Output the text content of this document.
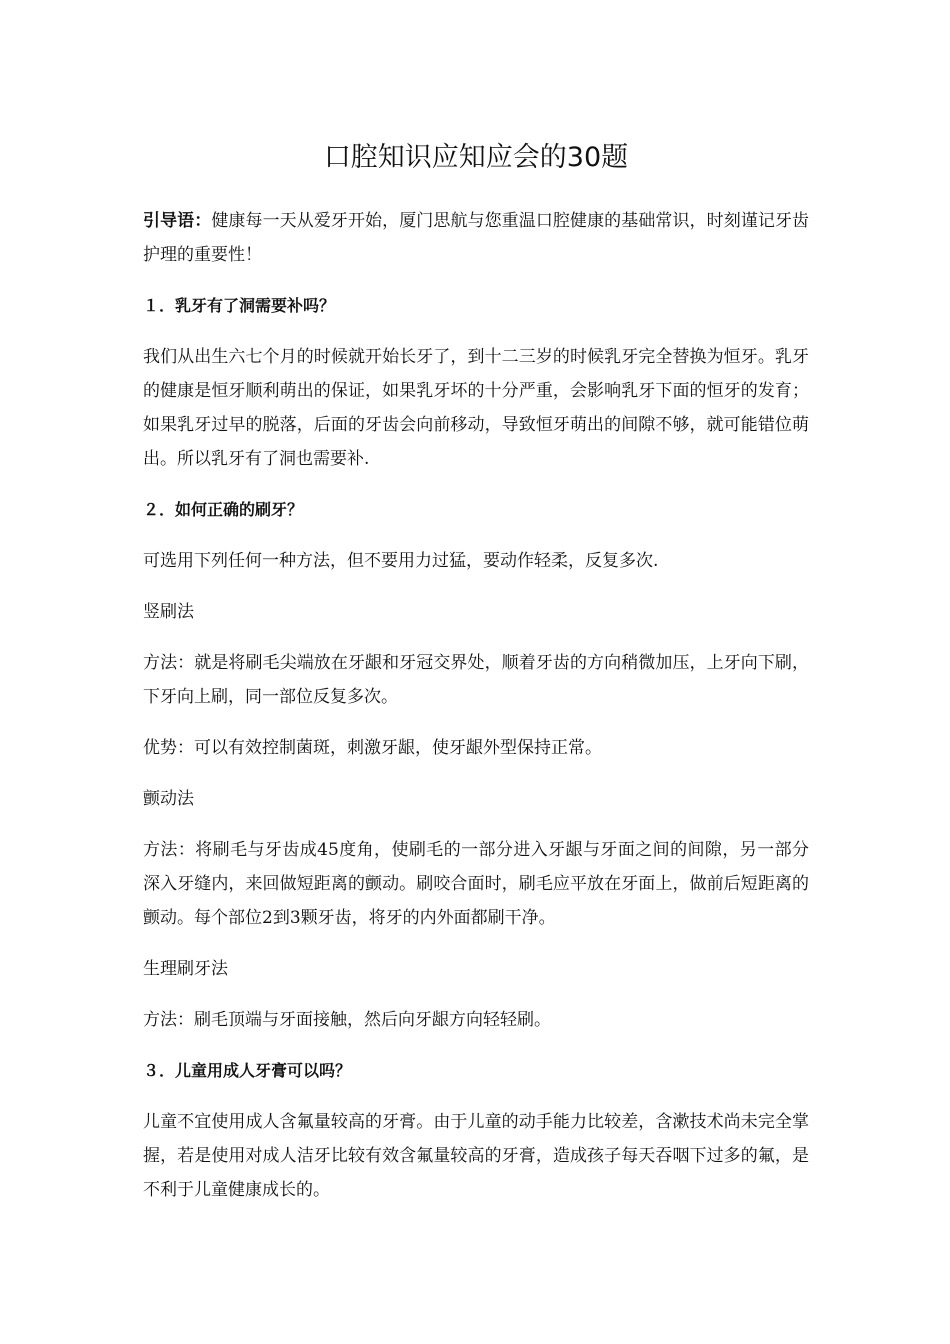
口腔知识应知应会的30题

引导语：健康每一天从爱牙开始，厦门思航与您重温口腔健康的基础常识，时刻谨记牙齿护理的重要性！

１．乳牙有了洞需要补吗？

我们从出生六七个月的时候就开始长牙了，到十二三岁的时候乳牙完全替换为恒牙。乳牙的健康是恒牙顺利萌出的保证，如果乳牙坏的十分严重，会影响乳牙下面的恒牙的发育；如果乳牙过早的脱落，后面的牙齿会向前移动，导致恒牙萌出的间隙不够，就可能错位萌出。所以乳牙有了洞也需要补.

２．如何正确的刷牙？

可选用下列任何一种方法，但不要用力过猛，要动作轻柔，反复多次.

竖刷法

方法：就是将刷毛尖端放在牙龈和牙冠交界处，顺着牙齿的方向稍微加压，上牙向下刷，下牙向上刷，同一部位反复多次。

优势：可以有效控制菌斑，刺激牙龈，使牙龈外型保持正常。

颤动法

方法：将刷毛与牙齿成45度角，使刷毛的一部分进入牙龈与牙面之间的间隙，另一部分深入牙缝内，来回做短距离的颤动。刷咬合面时，刷毛应平放在牙面上，做前后短距离的颤动。每个部位2到3颗牙齿，将牙的内外面都刷干净。

生理刷牙法

方法：刷毛顶端与牙面接触，然后向牙龈方向轻轻刷。

３．儿童用成人牙膏可以吗？

儿童不宜使用成人含氟量较高的牙膏。由于儿童的动手能力比较差，含漱技术尚未完全掌握，若是使用对成人洁牙比较有效含氟量较高的牙膏，造成孩子每天吞咽下过多的氟，是不利于儿童健康成长的。
